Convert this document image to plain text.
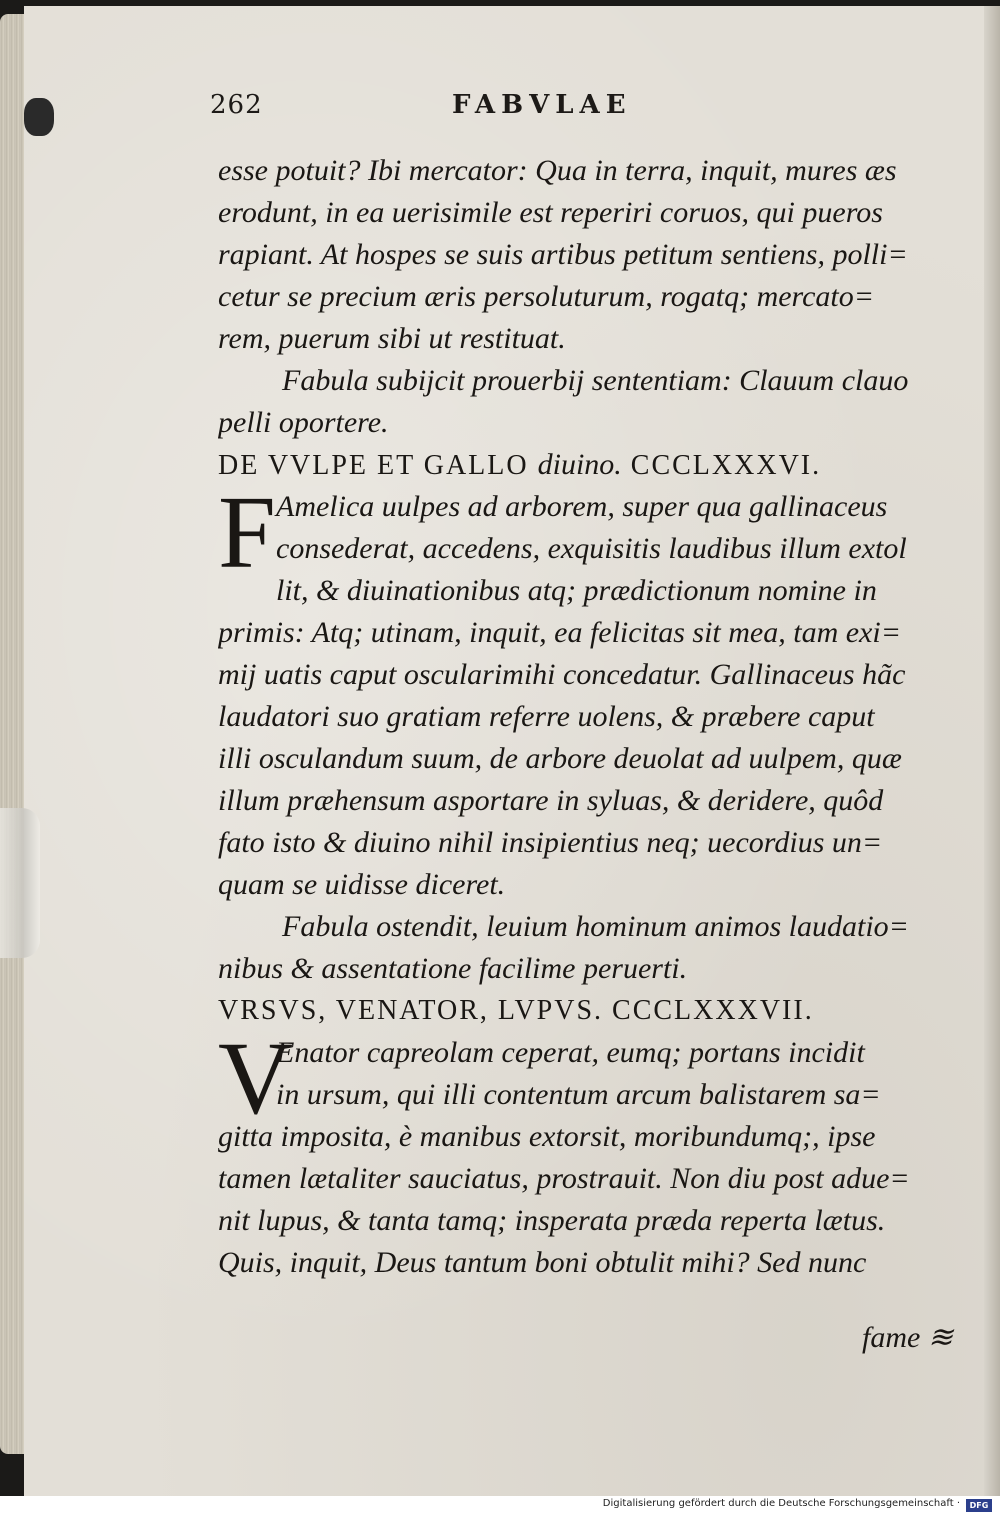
262	FABVLAE
esse potuit? Ibi mercator: Qua in terra, inquit, mures æs
erodunt, in ea uerisimile est reperiri coruos, qui pueros
rapiant. At hospes se suis artibus petitum sentiens, polli=
cetur se precium æris persoluturum, rogatq; mercato=
rem, puerum sibi ut restituat.
Fabula subijcit prouerbij sententiam: Clauum clauo
pelli oportere.
DE VVLPE ET GALLO diuino. CCCLXXXVI.
F Amelica uulpes ad arborem, super qua gallinaceus
consederat, accedens, exquisitis laudibus illum extol
lit, & diuinationibus atq; prædictionum nomine in
primis: Atq; utinam, inquit, ea felicitas sit mea, tam exi=
mij uatis caput oscularimihi concedatur. Gallinaceus hãc
laudatori suo gratiam referre uolens, & præbere caput
illi osculandum suum, de arbore deuolat ad uulpem, quæ
illum præhensum asportare in syluas, & deridere, quôd
fato isto & diuino nihil insipientius neq; uecordius un=
quam se uidisse diceret.
Fabula ostendit, leuium hominum animos laudatio=
nibus & assentatione facilime peruerti.
VRSVS, VENATOR, LVPVS. CCCLXXXVII.
V
Enator capreolam ceperat, eumq; portans incidit
in ursum, qui illi contentum arcum balistarem sa=
gitta imposita, è manibus extorsit, moribundumq;, ipse
tamen lætaliter sauciatus, prostrauit. Non diu post adue=
nit lupus, & tanta tamq; insperata præda reperta lætus.
Quis, inquit, Deus tantum boni obtulit mihi? Sed nunc
fame ≋
Digitalisierung gefördert durch die Deutsche Forschungsgemeinschaft ·	DFG
